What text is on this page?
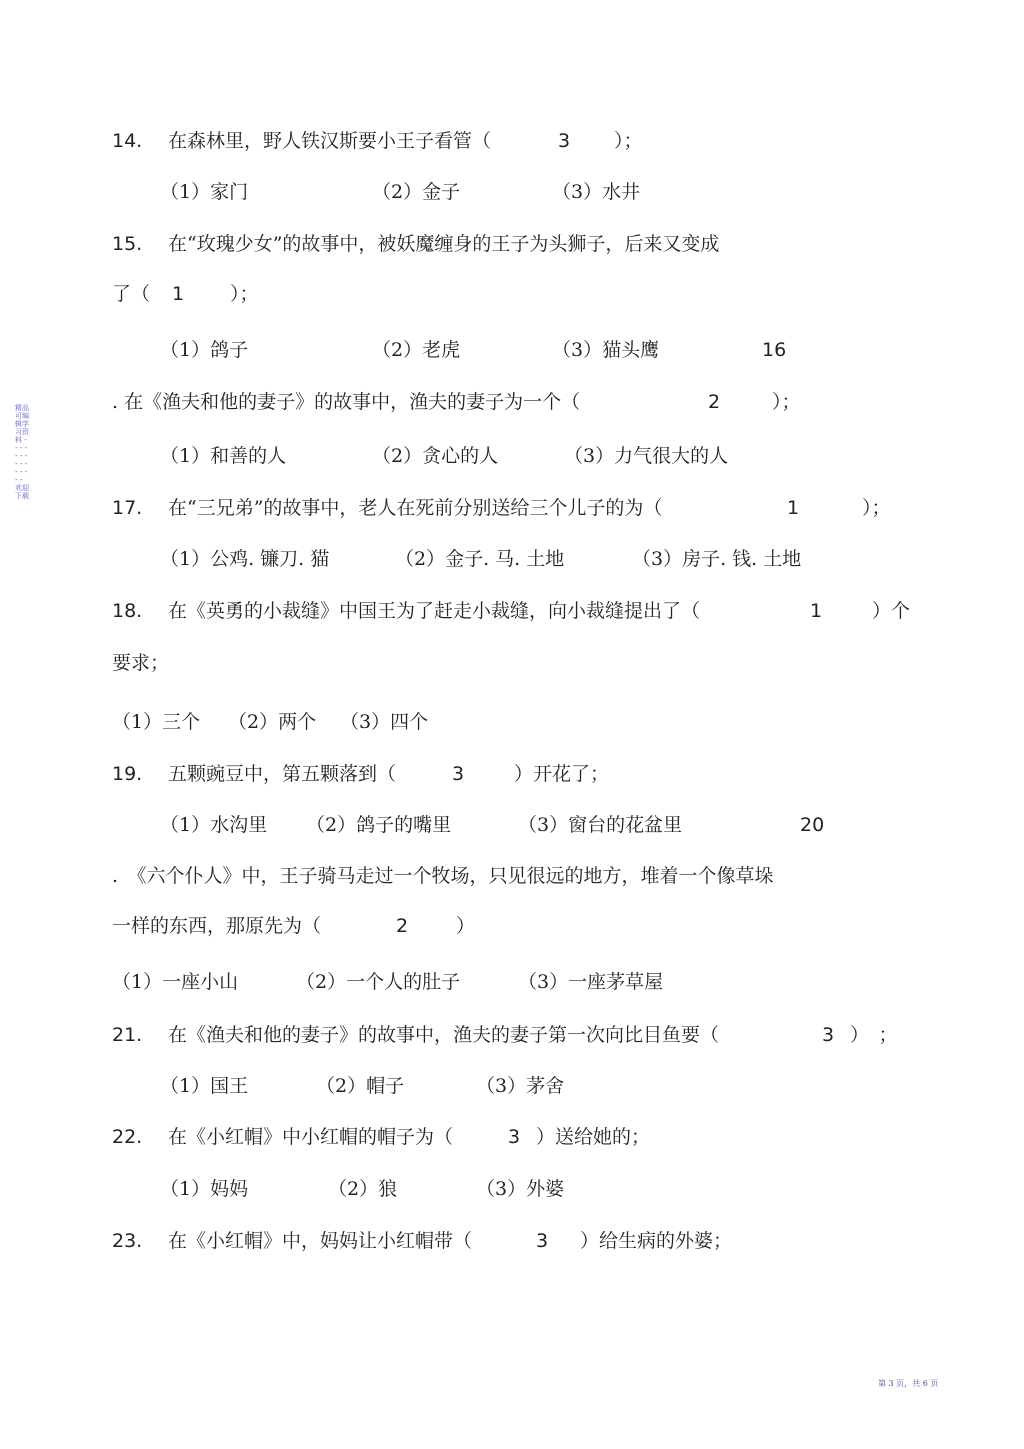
精品可编辑学习资料 - - - - - - - - - - - - - - - 欢迎下载
14. 在森林里，野人铁汉斯要小王子看管（	3 ）；
（1）家门	（2）金子	（3）水井
15. 在“玫瑰少女”的故事中，被妖魔缠身的王子为头狮子，后来又变成
了（ 1 ）；
（1）鸽子	（2）老虎	（3）猫头鹰	16
. 在《渔夫和他的妻子》的故事中，渔夫的妻子为一个（	2	）；
（1）和善的人	（2）贪心的人	（3）力气很大的人
17. 在“三兄弟”的故事中，老人在死前分别送给三个儿子的为（	1	）；
（1）公鸡. 镰刀. 猫	（2）金子. 马. 土地	（3）房子. 钱. 土地
18. 在《英勇的小裁缝》中国王为了赶走小裁缝，向小裁缝提出了（	1	）个
要求；
（1）三个 （2）两个 （3）四个
19. 五颗豌豆中，第五颗落到（	3	）开花了；
（1）水沟里 （2）鸽子的嘴里	（3）窗台的花盆里	20
.　《六个仆人》中，王子骑马走过一个牧场，只见很远的地方，堆着一个像草垛
一样的东西，那原先为（	2	）
（1）一座小山	（2）一个人的肚子	（3）一座茅草屋
21. 在《渔夫和他的妻子》的故事中，渔夫的妻子第一次向比目鱼要（	3 ）　；
（1）国王	（2）帽子	（3）茅舍
22. 在《小红帽》中小红帽的帽子为（	3 ）送给她的；
（1）妈妈	（2）狼	（3）外婆
23. 在《小红帽》中，妈妈让小红帽带（	3 ）给生病的外婆；
第 3 页，共 6 页
